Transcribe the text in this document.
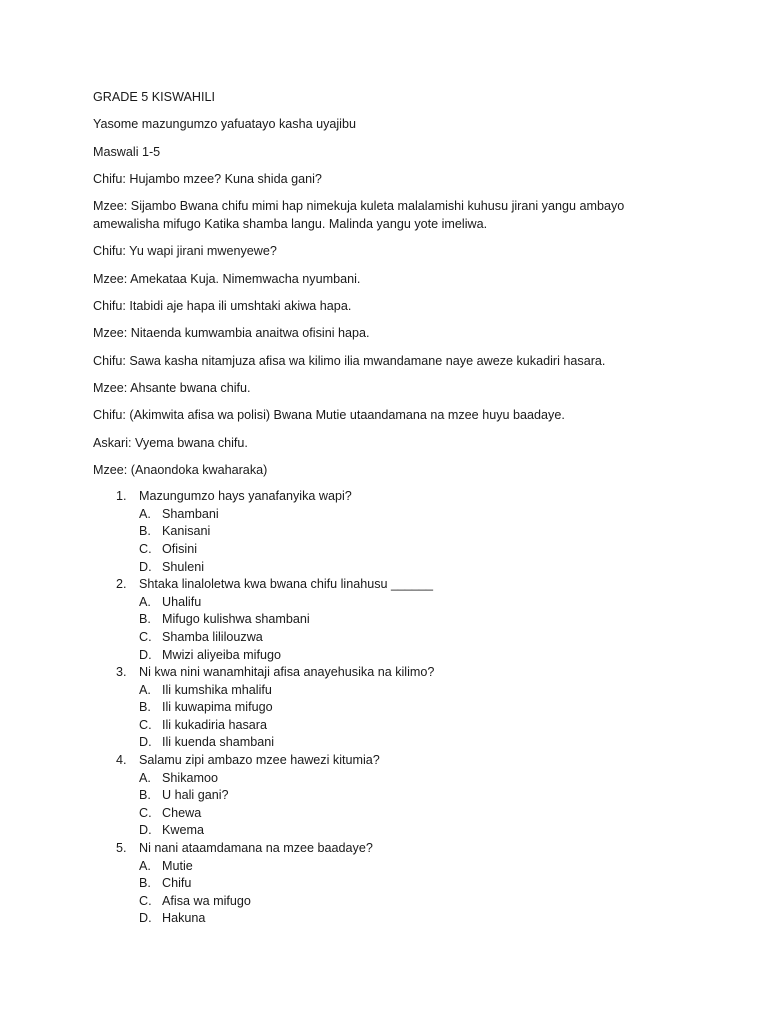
GRADE 5 KISWAHILI

Yasome mazungumzo yafuatayo kasha uyajibu

Maswali 1-5

Chifu: Hujambo mzee? Kuna shida gani?

Mzee: Sijambo Bwana chifu mimi hap nimekuja kuleta malalamishi kuhusu jirani yangu ambayo amewalisha mifugo Katika shamba langu. Malinda yangu yote imeliwa.

Chifu: Yu wapi jirani mwenyewe?

Mzee: Amekataa Kuja. Nimemwacha nyumbani.

Chifu: Itabidi aje hapa ili umshtaki akiwa hapa.

Mzee: Nitaenda kumwambia anaitwa ofisini hapa.

Chifu: Sawa kasha nitamjuza afisa wa kilimo ilia mwandamane naye aweze kukadiri hasara.

Mzee: Ahsante bwana chifu.

Chifu: (Akimwita afisa wa polisi) Bwana Mutie utaandamana na mzee huyu baadaye.

Askari: Vyema bwana chifu.

Mzee: (Anaondoka kwaharaka)

1. Mazungumzo hays yanafanyika wapi?
A. Shambani
B. Kanisani
C. Ofisini
D. Shuleni
2. Shtaka linaloletwa kwa bwana chifu linahusu ______
A. Uhalifu
B. Mifugo kulishwa shambani
C. Shamba lililouzwa
D. Mwizi aliyeiba mifugo
3. Ni kwa nini wanamhitaji afisa anayehusika na kilimo?
A. Ili kumshika mhalifu
B. Ili kuwapima mifugo
C. Ili kukadiria hasara
D. Ili kuenda shambani
4. Salamu zipi ambazo mzee hawezi kitumia?
A. Shikamoo
B. U hali gani?
C. Chewa
D. Kwema
5. Ni nani ataamdamana na mzee baadaye?
A. Mutie
B. Chifu
C. Afisa wa mifugo
D. Hakuna
